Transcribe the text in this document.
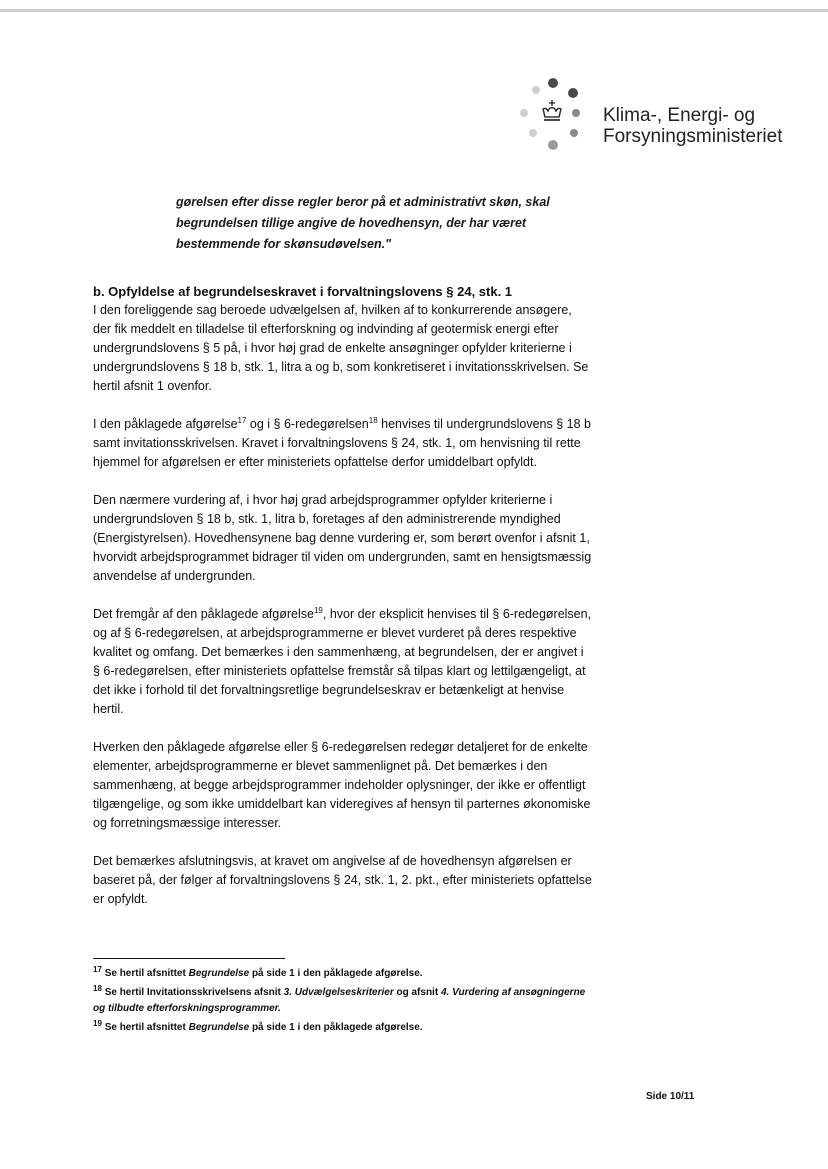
Klima-, Energi- og
Forsyningsministeriet
gørelsen efter disse regler beror på et administrativt skøn, skal begrundelsen tillige angive de hovedhensyn, der har været bestemmende for skønsudøvelsen."
b. Opfyldelse af begrundelseskravet i forvaltningslovens § 24, stk. 1

I den foreliggende sag beroede udvælgelsen af, hvilken af to konkurrerende ansøgere, der fik meddelt en tilladelse til efterforskning og indvinding af geotermisk energi efter undergrundslovens § 5 på, i hvor høj grad de enkelte ansøgninger opfylder kriterierne i undergrundslovens § 18 b, stk. 1, litra a og b, som konkretiseret i invitationsskrivelsen. Se hertil afsnit 1 ovenfor.

I den påklagede afgørelse$^{17}$ og i § 6-redegørelsen$^{18}$ henvises til undergrundslovens § 18 b samt invitationsskrivelsen. Kravet i forvaltningslovens § 24, stk. 1, om henvisning til rette hjemmel for afgørelsen er efter ministeriets opfattelse derfor umiddelbart opfyldt.

Den nærmere vurdering af, i hvor høj grad arbejdsprogrammer opfylder kriterierne i undergrundsloven § 18 b, stk. 1, litra b, foretages af den administrerende myndighed (Energistyrelsen). Hovedhensynene bag denne vurdering er, som berørt ovenfor i afsnit 1, hvorvidt arbejdsprogrammet bidrager til viden om undergrunden, samt en hensigtsmæssig anvendelse af undergrunden.

Det fremgår af den påklagede afgørelse$^{19}$, hvor der eksplicit henvises til § 6-redegørelsen, og af § 6-redegørelsen, at arbejdsprogrammerne er blevet vurderet på deres respektive kvalitet og omfang. Det bemærkes i den sammenhæng, at begrundelsen, der er angivet i § 6-redegørelsen, efter ministeriets opfattelse fremstår så tilpas klart og lettilgængeligt, at det ikke i forhold til det forvaltningsretlige begrundelseskrav er betænkeligt at henvise hertil.

Hverken den påklagede afgørelse eller § 6-redegørelsen redegør detaljeret for de enkelte elementer, arbejdsprogrammerne er blevet sammenlignet på. Det bemærkes i den sammenhæng, at begge arbejdsprogrammer indeholder oplysninger, der ikke er offentligt tilgængelige, og som ikke umiddelbart kan videregives af hensyn til parternes økonomiske og forretningsmæssige interesser.

Det bemærkes afslutningsvis, at kravet om angivelse af de hovedhensyn afgørelsen er baseret på, der følger af forvaltningslovens § 24, stk. 1, 2. pkt., efter ministeriets opfattelse er opfyldt.

$^{17}$ Se hertil afsnittet Begrundelse på side 1 i den påklagede afgørelse.
$^{18}$ Se hertil Invitationsskrivelsens afsnit 3. Udvælgelseskriterier og afsnit 4. Vurdering af ansøgningerne og tilbudte efterforskningsprogrammer.
$^{19}$ Se hertil afsnittet Begrundelse på side 1 i den påklagede afgørelse.
Side 10/11
